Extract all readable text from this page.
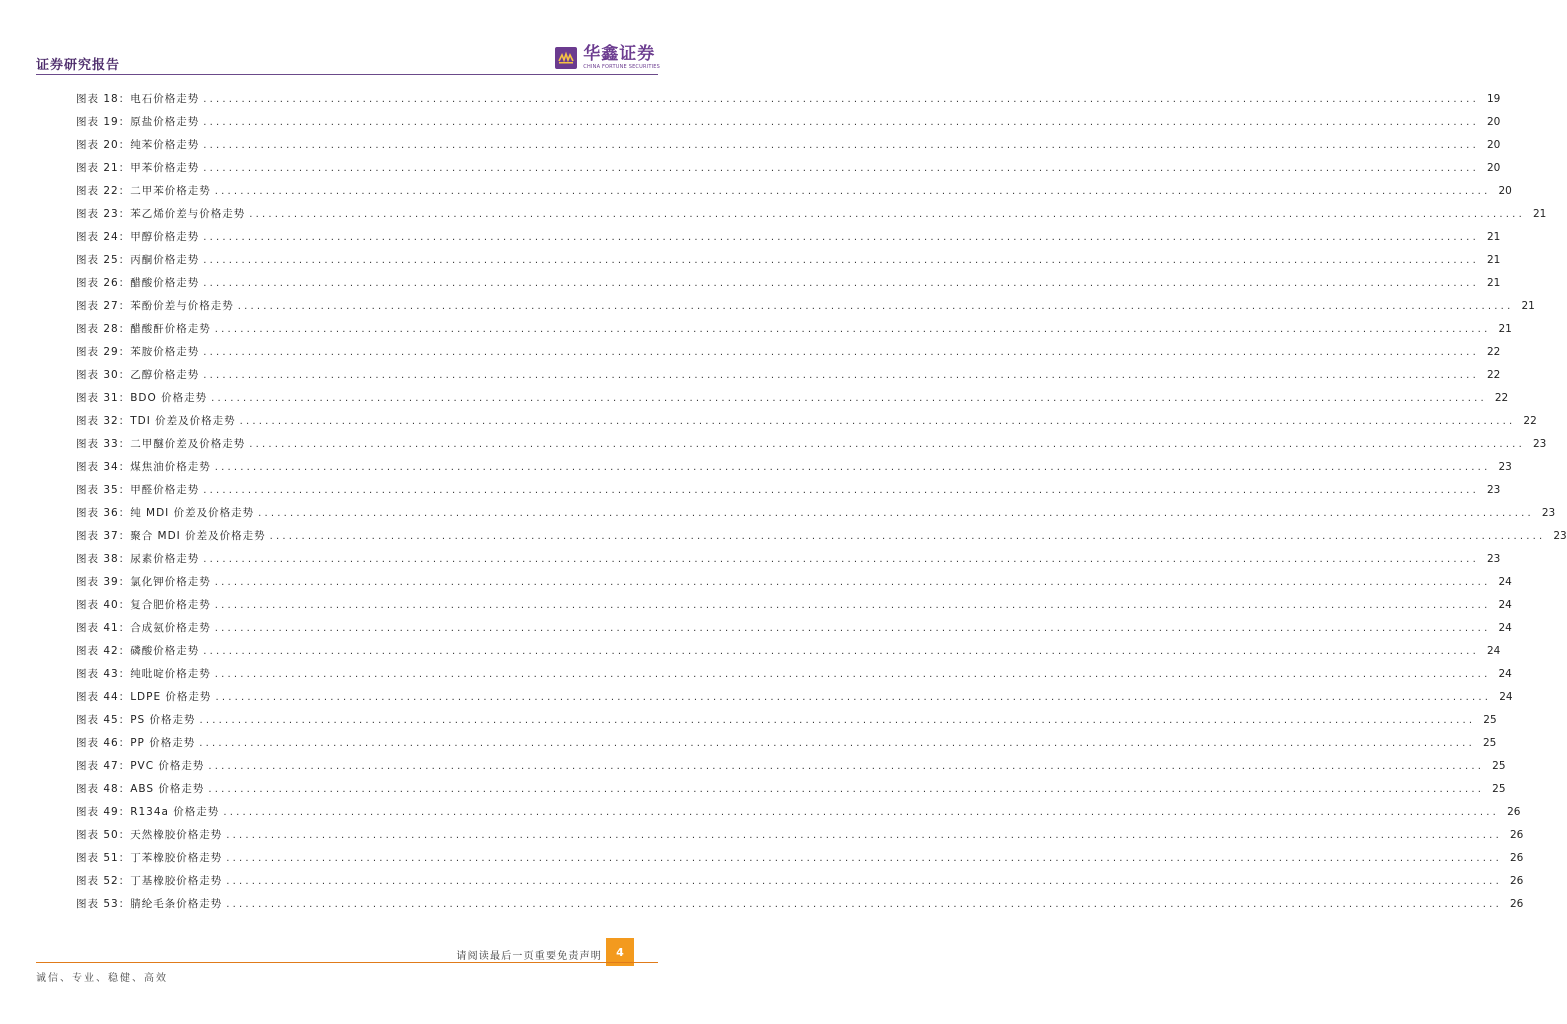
证券研究报告
华鑫证券
CHINA FORTUNE SECURITIES
图表 18：电石价格走势 ........................................................................................................................................................................................................ 19
图表 19：原盐价格走势 ........................................................................................................................................................................................................ 20
图表 20：纯苯价格走势 ........................................................................................................................................................................................................ 20
图表 21：甲苯价格走势 ........................................................................................................................................................................................................ 20
图表 22：二甲苯价格走势 ........................................................................................................................................................................................................ 20
图表 23：苯乙烯价差与价格走势 ........................................................................................................................................................................................................ 21
图表 24：甲醇价格走势 ........................................................................................................................................................................................................ 21
图表 25：丙酮价格走势 ........................................................................................................................................................................................................ 21
图表 26：醋酸价格走势 ........................................................................................................................................................................................................ 21
图表 27：苯酚价差与价格走势 ........................................................................................................................................................................................................ 21
图表 28：醋酸酐价格走势 ........................................................................................................................................................................................................ 21
图表 29：苯胺价格走势 ........................................................................................................................................................................................................ 22
图表 30：乙醇价格走势 ........................................................................................................................................................................................................ 22
图表 31：BDO 价格走势 ........................................................................................................................................................................................................ 22
图表 32：TDI 价差及价格走势 ........................................................................................................................................................................................................ 22
图表 33：二甲醚价差及价格走势 ........................................................................................................................................................................................................ 23
图表 34：煤焦油价格走势 ........................................................................................................................................................................................................ 23
图表 35：甲醛价格走势 ........................................................................................................................................................................................................ 23
图表 36：纯 MDI 价差及价格走势 ........................................................................................................................................................................................................ 23
图表 37：聚合 MDI 价差及价格走势 ........................................................................................................................................................................................................ 23
图表 38：尿素价格走势 ........................................................................................................................................................................................................ 23
图表 39：氯化钾价格走势 ........................................................................................................................................................................................................ 24
图表 40：复合肥价格走势 ........................................................................................................................................................................................................ 24
图表 41：合成氨价格走势 ........................................................................................................................................................................................................ 24
图表 42：磷酸价格走势 ........................................................................................................................................................................................................ 24
图表 43：纯吡啶价格走势 ........................................................................................................................................................................................................ 24
图表 44：LDPE 价格走势 ........................................................................................................................................................................................................ 24
图表 45：PS 价格走势 ........................................................................................................................................................................................................ 25
图表 46：PP 价格走势 ........................................................................................................................................................................................................ 25
图表 47：PVC 价格走势 ........................................................................................................................................................................................................ 25
图表 48：ABS 价格走势 ........................................................................................................................................................................................................ 25
图表 49：R134a 价格走势 ........................................................................................................................................................................................................ 26
图表 50：天然橡胶价格走势 ........................................................................................................................................................................................................ 26
图表 51：丁苯橡胶价格走势 ........................................................................................................................................................................................................ 26
图表 52：丁基橡胶价格走势 ........................................................................................................................................................................................................ 26
图表 53：腈纶毛条价格走势 ........................................................................................................................................................................................................ 26
请阅读最后一页重要免责声明	4
诚信、专业、稳健、高效
